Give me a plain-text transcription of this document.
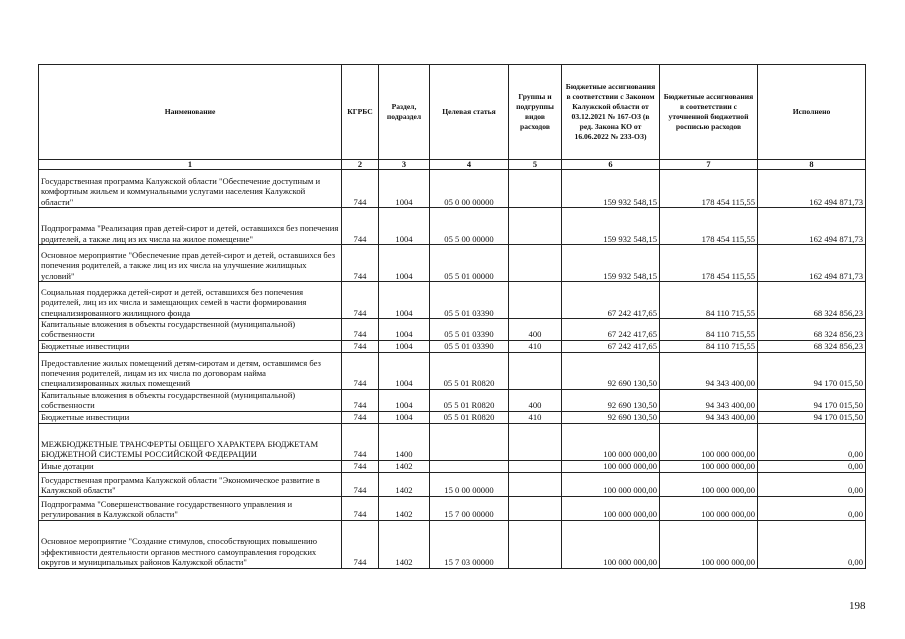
Наименование	КГРБС	Раздел, подраздел	Целевая статья	Группы и подгруппы видов расходов	Бюджетные ассигнования в соответствии с Законом Калужской области от 03.12.2021 № 167-ОЗ (в ред. Закона КО от 16.06.2022 № 233-ОЗ)	Бюджетные ассигнования в соответствии с уточненной бюджетной росписью расходов	Исполнено
1	2	3	4	5	6	7	8
Государственная программа Калужской области "Обеспечение доступным и комфортным жильем и коммунальными услугами населения Калужской области"	744	1004	05 0 00 00000		159 932 548,15	178 454 115,55	162 494 871,73
Подпрограмма "Реализация прав детей-сирот и детей, оставшихся без попечения родителей, а также лиц из их числа на жилое помещение"	744	1004	05 5 00 00000		159 932 548,15	178 454 115,55	162 494 871,73
Основное мероприятие "Обеспечение прав детей-сирот и детей, оставшихся без попечения родителей, а также лиц из их числа на улучшение жилищных условий"	744	1004	05 5 01 00000		159 932 548,15	178 454 115,55	162 494 871,73
Социальная поддержка детей-сирот и детей, оставшихся без попечения родителей, лиц из их числа и замещающих семей в части формирования специализированного жилищного фонда	744	1004	05 5 01 03390		67 242 417,65	84 110 715,55	68 324 856,23
Капитальные вложения в объекты государственной (муниципальной) собственности	744	1004	05 5 01 03390	400	67 242 417,65	84 110 715,55	68 324 856,23
Бюджетные инвестиции	744	1004	05 5 01 03390	410	67 242 417,65	84 110 715,55	68 324 856,23
Предоставление жилых помещений детям-сиротам и детям, оставшимся без попечения родителей, лицам из их числа по договорам найма специализированных жилых помещений	744	1004	05 5 01 R0820		92 690 130,50	94 343 400,00	94 170 015,50
Капитальные вложения в объекты государственной (муниципальной) собственности	744	1004	05 5 01 R0820	400	92 690 130,50	94 343 400,00	94 170 015,50
Бюджетные инвестиции	744	1004	05 5 01 R0820	410	92 690 130,50	94 343 400,00	94 170 015,50
МЕЖБЮДЖЕТНЫЕ ТРАНСФЕРТЫ ОБЩЕГО ХАРАКТЕРА БЮДЖЕТАМ БЮДЖЕТНОЙ СИСТЕМЫ РОССИЙСКОЙ ФЕДЕРАЦИИ	744	1400			100 000 000,00	100 000 000,00	0,00
Иные дотации	744	1402			100 000 000,00	100 000 000,00	0,00
Государственная программа Калужской области "Экономическое развитие в Калужской области"	744	1402	15 0 00 00000		100 000 000,00	100 000 000,00	0,00
Подпрограмма "Совершенствование государственного управления и регулирования в Калужской области"	744	1402	15 7 00 00000		100 000 000,00	100 000 000,00	0,00
Основное мероприятие "Создание стимулов, способствующих повышению эффективности деятельности органов местного самоуправления городских округов и муниципальных районов Калужской области"	744	1402	15 7 03 00000		100 000 000,00	100 000 000,00	0,00
198
